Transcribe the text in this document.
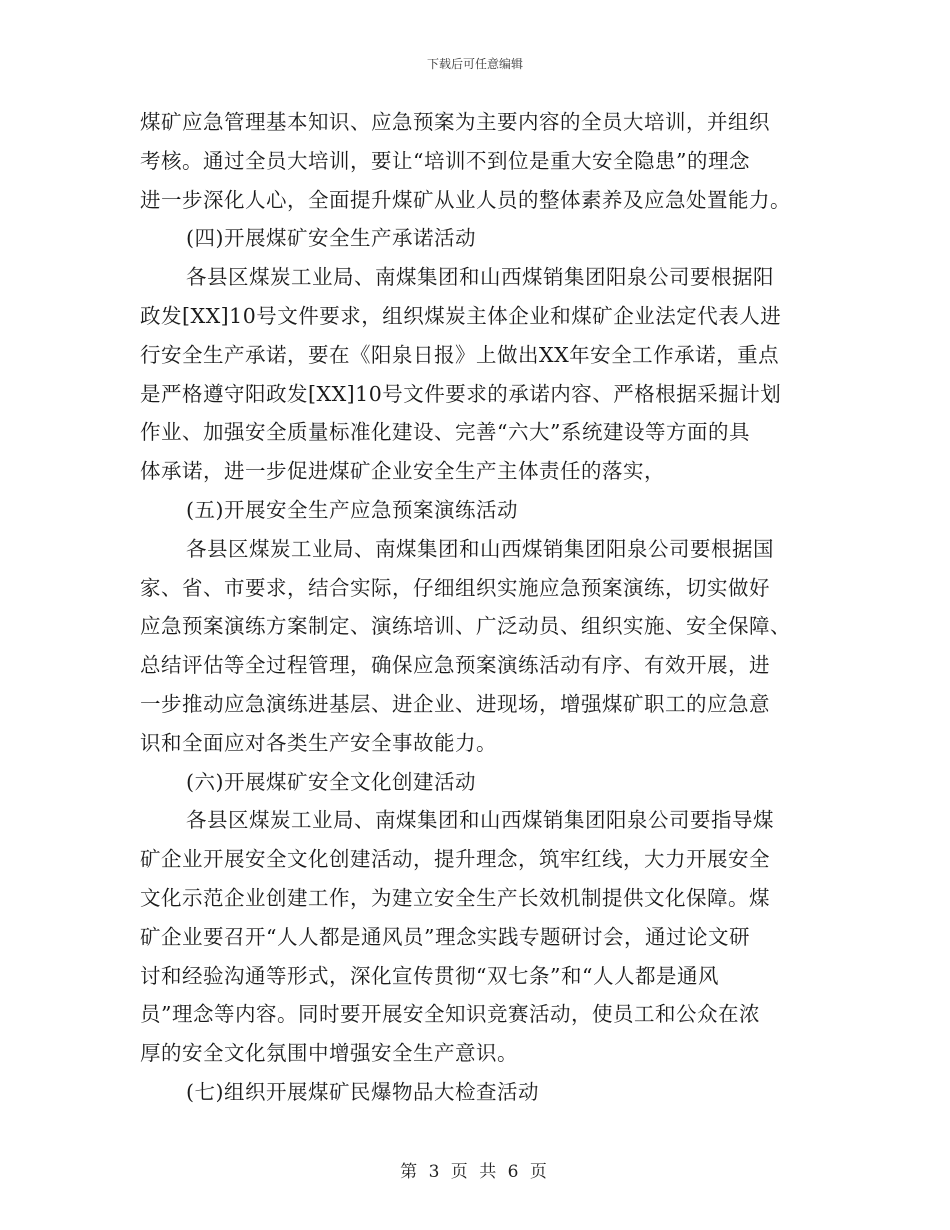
下载后可任意编辑
煤矿应急管理基本知识、应急预案为主要内容的全员大培训，并组织
考核。通过全员大培训，要让“培训不到位是重大安全隐患”的理念
进一步深化人心，全面提升煤矿从业人员的整体素养及应急处置能力。
(四)开展煤矿安全生产承诺活动
各县区煤炭工业局、南煤集团和山西煤销集团阳泉公司要根据阳
政发[XX]10号文件要求，组织煤炭主体企业和煤矿企业法定代表人进
行安全生产承诺，要在《阳泉日报》上做出XX年安全工作承诺，重点
是严格遵守阳政发[XX]10号文件要求的承诺内容、严格根据采掘计划
作业、加强安全质量标准化建设、完善“六大”系统建设等方面的具
体承诺，进一步促进煤矿企业安全生产主体责任的落实，
(五)开展安全生产应急预案演练活动
各县区煤炭工业局、南煤集团和山西煤销集团阳泉公司要根据国
家、省、市要求，结合实际，仔细组织实施应急预案演练，切实做好
应急预案演练方案制定、演练培训、广泛动员、组织实施、安全保障、
总结评估等全过程管理，确保应急预案演练活动有序、有效开展，进
一步推动应急演练进基层、进企业、进现场，增强煤矿职工的应急意
识和全面应对各类生产安全事故能力。
(六)开展煤矿安全文化创建活动
各县区煤炭工业局、南煤集团和山西煤销集团阳泉公司要指导煤
矿企业开展安全文化创建活动，提升理念，筑牢红线，大力开展安全
文化示范企业创建工作，为建立安全生产长效机制提供文化保障。煤
矿企业要召开“人人都是通风员”理念实践专题研讨会，通过论文研
讨和经验沟通等形式，深化宣传贯彻“双七条”和“人人都是通风
员”理念等内容。同时要开展安全知识竞赛活动，使员工和公众在浓
厚的安全文化氛围中增强安全生产意识。
(七)组织开展煤矿民爆物品大检查活动
第 3 页 共 6 页
